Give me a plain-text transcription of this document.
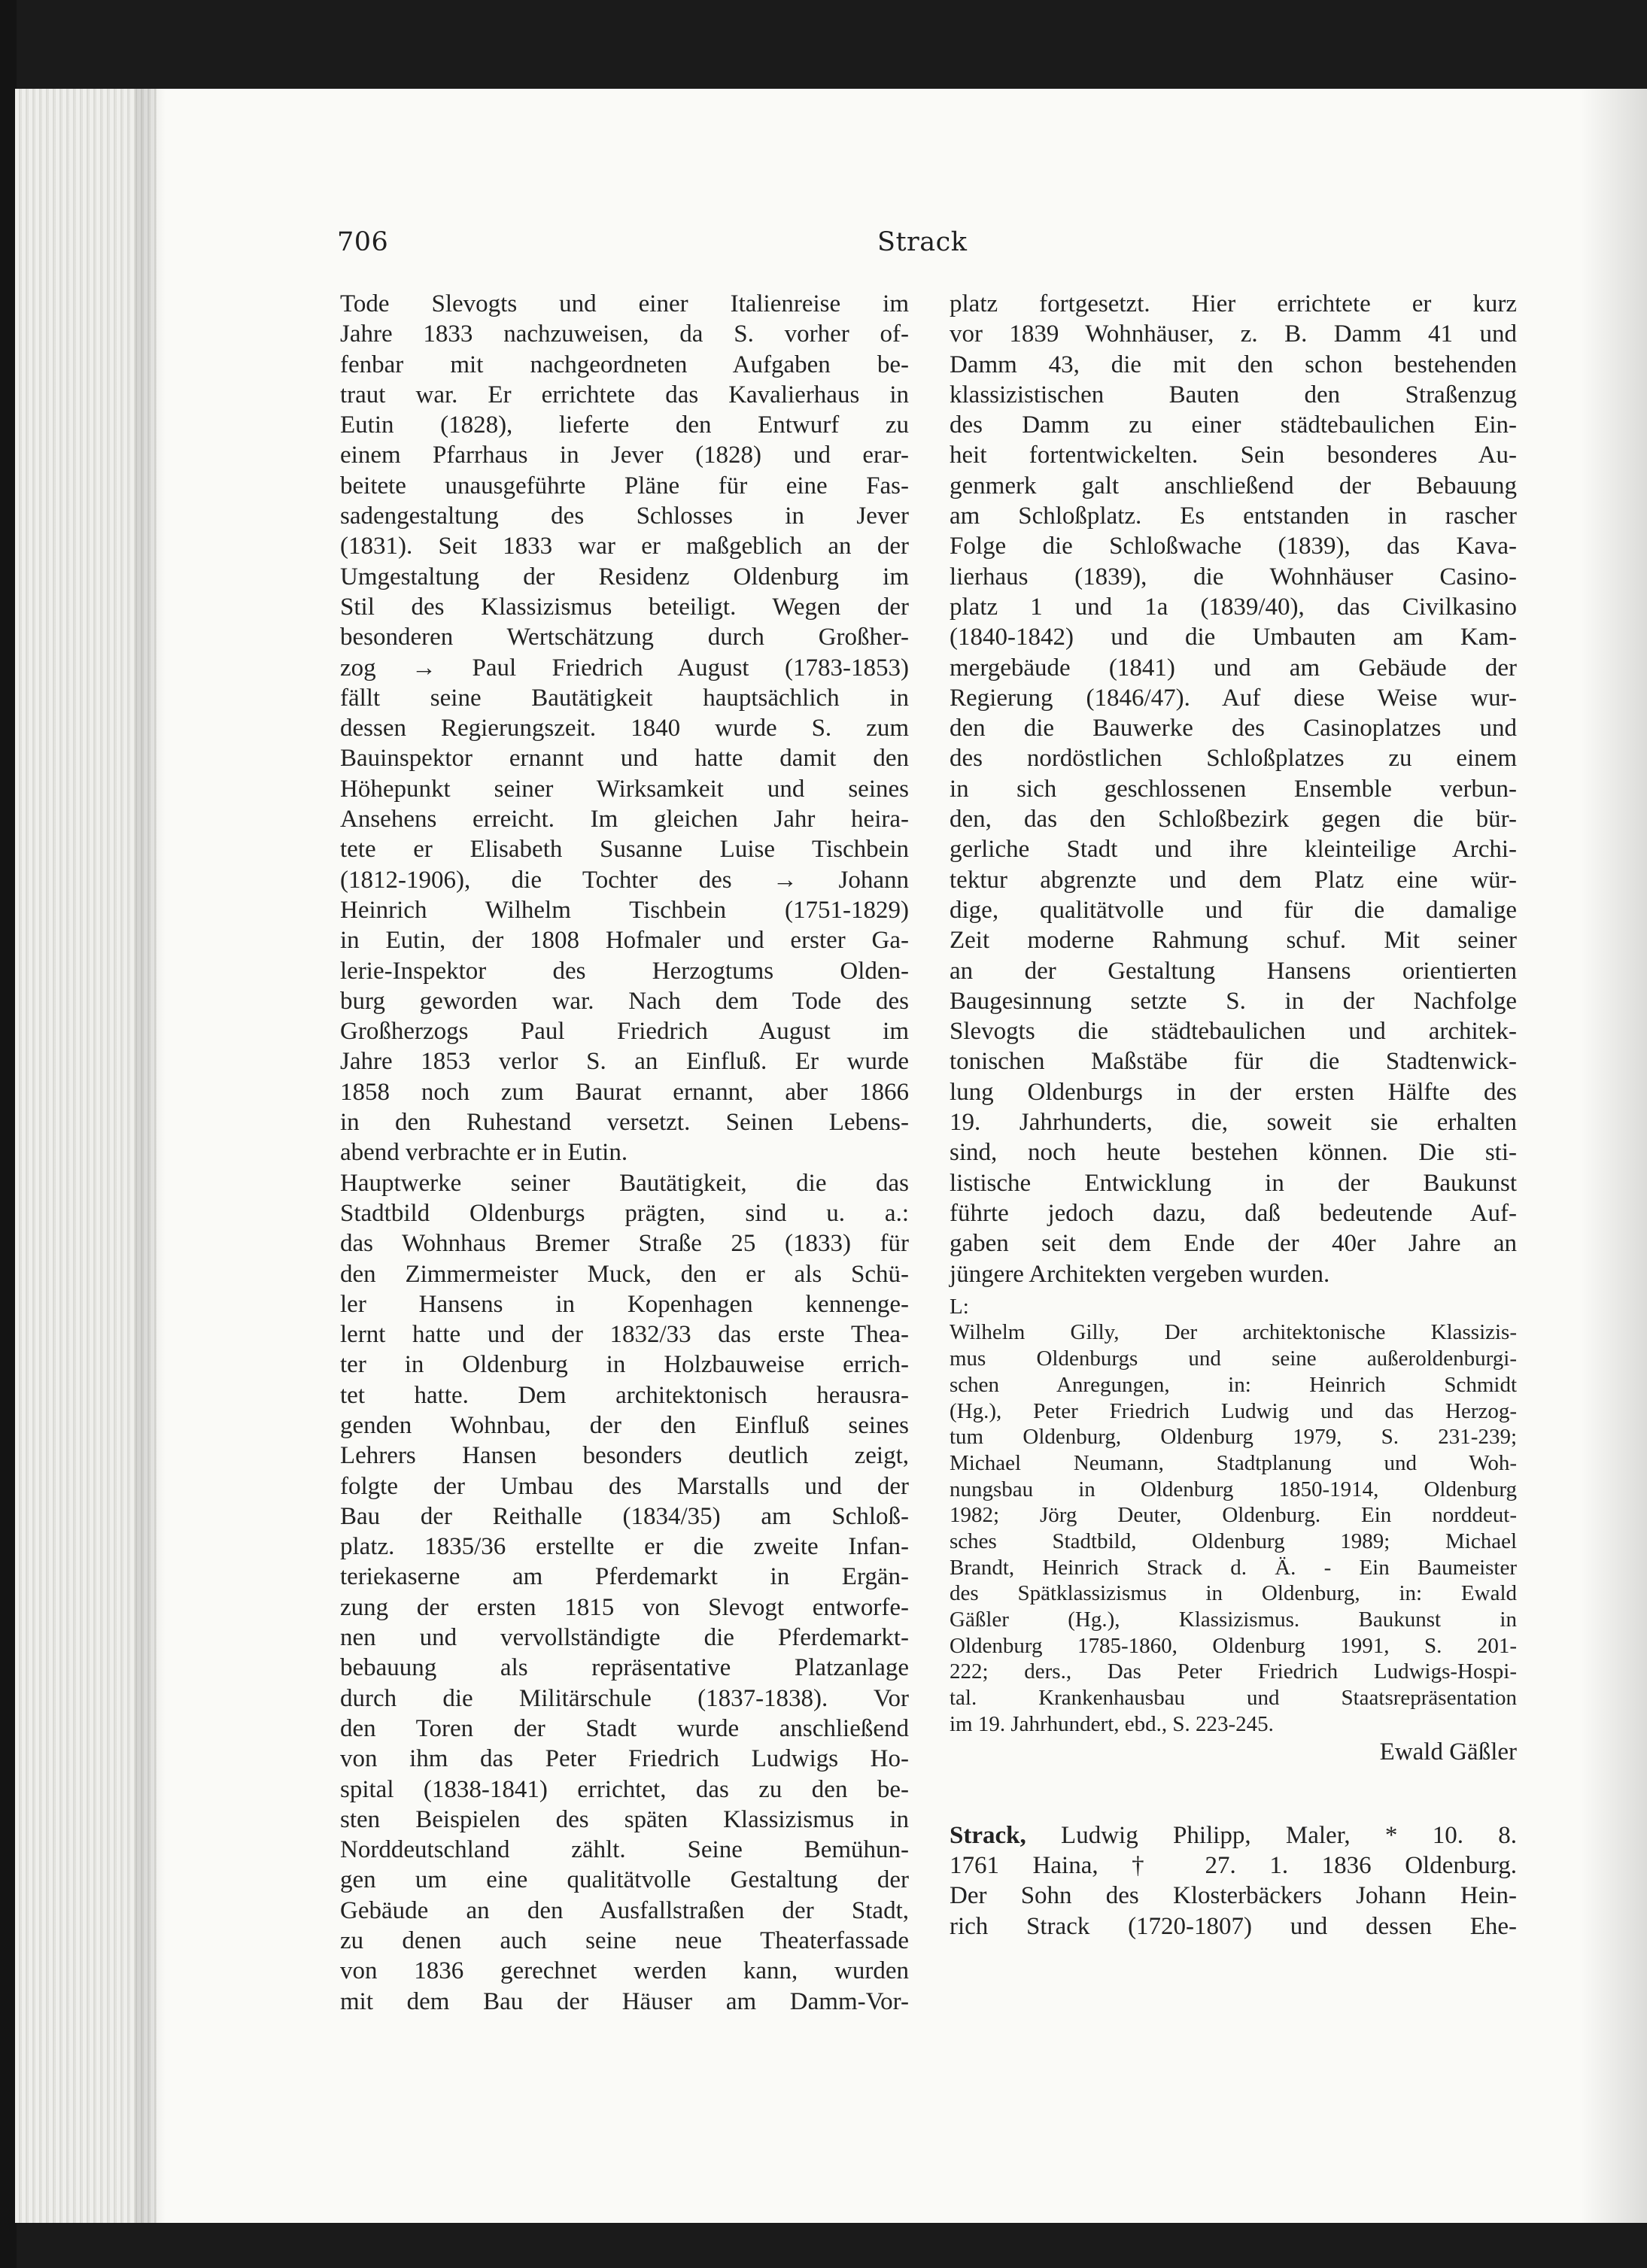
706	Strack
Tode Slevogts und einer Italienreise im
Jahre 1833 nachzuweisen, da S. vorher of-
fenbar mit nachgeordneten Aufgaben be-
traut war. Er errichtete das Kavalierhaus in
Eutin (1828), lieferte den Entwurf zu
einem Pfarrhaus in Jever (1828) und erar-
beitete unausgeführte Pläne für eine Fas-
sadengestaltung des Schlosses in Jever
(1831). Seit 1833 war er maßgeblich an der
Umgestaltung der Residenz Oldenburg im
Stil des Klassizismus beteiligt. Wegen der
besonderen Wertschätzung durch Großher-
zog → Paul Friedrich August (1783-1853)
fällt seine Bautätigkeit hauptsächlich in
dessen Regierungszeit. 1840 wurde S. zum
Bauinspektor ernannt und hatte damit den
Höhepunkt seiner Wirksamkeit und seines
Ansehens erreicht. Im gleichen Jahr heira-
tete er Elisabeth Susanne Luise Tischbein
(1812-1906), die Tochter des → Johann
Heinrich Wilhelm Tischbein (1751-1829)
in Eutin, der 1808 Hofmaler und erster Ga-
lerie-Inspektor des Herzogtums Olden-
burg geworden war. Nach dem Tode des
Großherzogs Paul Friedrich August im
Jahre 1853 verlor S. an Einfluß. Er wurde
1858 noch zum Baurat ernannt, aber 1866
in den Ruhestand versetzt. Seinen Lebens-
abend verbrachte er in Eutin.
Hauptwerke seiner Bautätigkeit, die das
Stadtbild Oldenburgs prägten, sind u. a.:
das Wohnhaus Bremer Straße 25 (1833) für
den Zimmermeister Muck, den er als Schü-
ler Hansens in Kopenhagen kennenge-
lernt hatte und der 1832/33 das erste Thea-
ter in Oldenburg in Holzbauweise errich-
tet hatte. Dem architektonisch herausra-
genden Wohnbau, der den Einfluß seines
Lehrers Hansen besonders deutlich zeigt,
folgte der Umbau des Marstalls und der
Bau der Reithalle (1834/35) am Schloß-
platz. 1835/36 erstellte er die zweite Infan-
teriekaserne am Pferdemarkt in Ergän-
zung der ersten 1815 von Slevogt entworfe-
nen und vervollständigte die Pferdemarkt-
bebauung als repräsentative Platzanlage
durch die Militärschule (1837-1838). Vor
den Toren der Stadt wurde anschließend
von ihm das Peter Friedrich Ludwigs Ho-
spital (1838-1841) errichtet, das zu den be-
sten Beispielen des späten Klassizismus in
Norddeutschland zählt. Seine Bemühun-
gen um eine qualitätvolle Gestaltung der
Gebäude an den Ausfallstraßen der Stadt,
zu denen auch seine neue Theaterfassade
von 1836 gerechnet werden kann, wurden
mit dem Bau der Häuser am Damm-Vor-
platz fortgesetzt. Hier errichtete er kurz
vor 1839 Wohnhäuser, z. B. Damm 41 und
Damm 43, die mit den schon bestehenden
klassizistischen Bauten den Straßenzug
des Damm zu einer städtebaulichen Ein-
heit fortentwickelten. Sein besonderes Au-
genmerk galt anschließend der Bebauung
am Schloßplatz. Es entstanden in rascher
Folge die Schloßwache (1839), das Kava-
lierhaus (1839), die Wohnhäuser Casino-
platz 1 und 1a (1839/40), das Civilkasino
(1840-1842) und die Umbauten am Kam-
mergebäude (1841) und am Gebäude der
Regierung (1846/47). Auf diese Weise wur-
den die Bauwerke des Casinoplatzes und
des nordöstlichen Schloßplatzes zu einem
in sich geschlossenen Ensemble verbun-
den, das den Schloßbezirk gegen die bür-
gerliche Stadt und ihre kleinteilige Archi-
tektur abgrenzte und dem Platz eine wür-
dige, qualitätvolle und für die damalige
Zeit moderne Rahmung schuf. Mit seiner
an der Gestaltung Hansens orientierten
Baugesinnung setzte S. in der Nachfolge
Slevogts die städtebaulichen und architek-
tonischen Maßstäbe für die Stadtenwick-
lung Oldenburgs in der ersten Hälfte des
19. Jahrhunderts, die, soweit sie erhalten
sind, noch heute bestehen können. Die sti-
listische Entwicklung in der Baukunst
führte jedoch dazu, daß bedeutende Auf-
gaben seit dem Ende der 40er Jahre an
jüngere Architekten vergeben wurden.
L:
Wilhelm Gilly, Der architektonische Klassizis-
mus Oldenburgs und seine außeroldenburgi-
schen Anregungen, in: Heinrich Schmidt
(Hg.), Peter Friedrich Ludwig und das Herzog-
tum Oldenburg, Oldenburg 1979, S. 231-239;
Michael Neumann, Stadtplanung und Woh-
nungsbau in Oldenburg 1850-1914, Oldenburg
1982; Jörg Deuter, Oldenburg. Ein norddeut-
sches Stadtbild, Oldenburg 1989; Michael
Brandt, Heinrich Strack d. Ä. - Ein Baumeister
des Spätklassizismus in Oldenburg, in: Ewald
Gäßler (Hg.), Klassizismus. Baukunst in
Oldenburg 1785-1860, Oldenburg 1991, S. 201-
222; ders., Das Peter Friedrich Ludwigs-Hospi-
tal. Krankenhausbau und Staatsrepräsentation
im 19. Jahrhundert, ebd., S. 223-245.
Ewald Gäßler
Strack, Ludwig Philipp, Maler, * 10. 8.
1761 Haina, † 27. 1. 1836 Oldenburg.
Der Sohn des Klosterbäckers Johann Hein-
rich Strack (1720-1807) und dessen Ehe-
